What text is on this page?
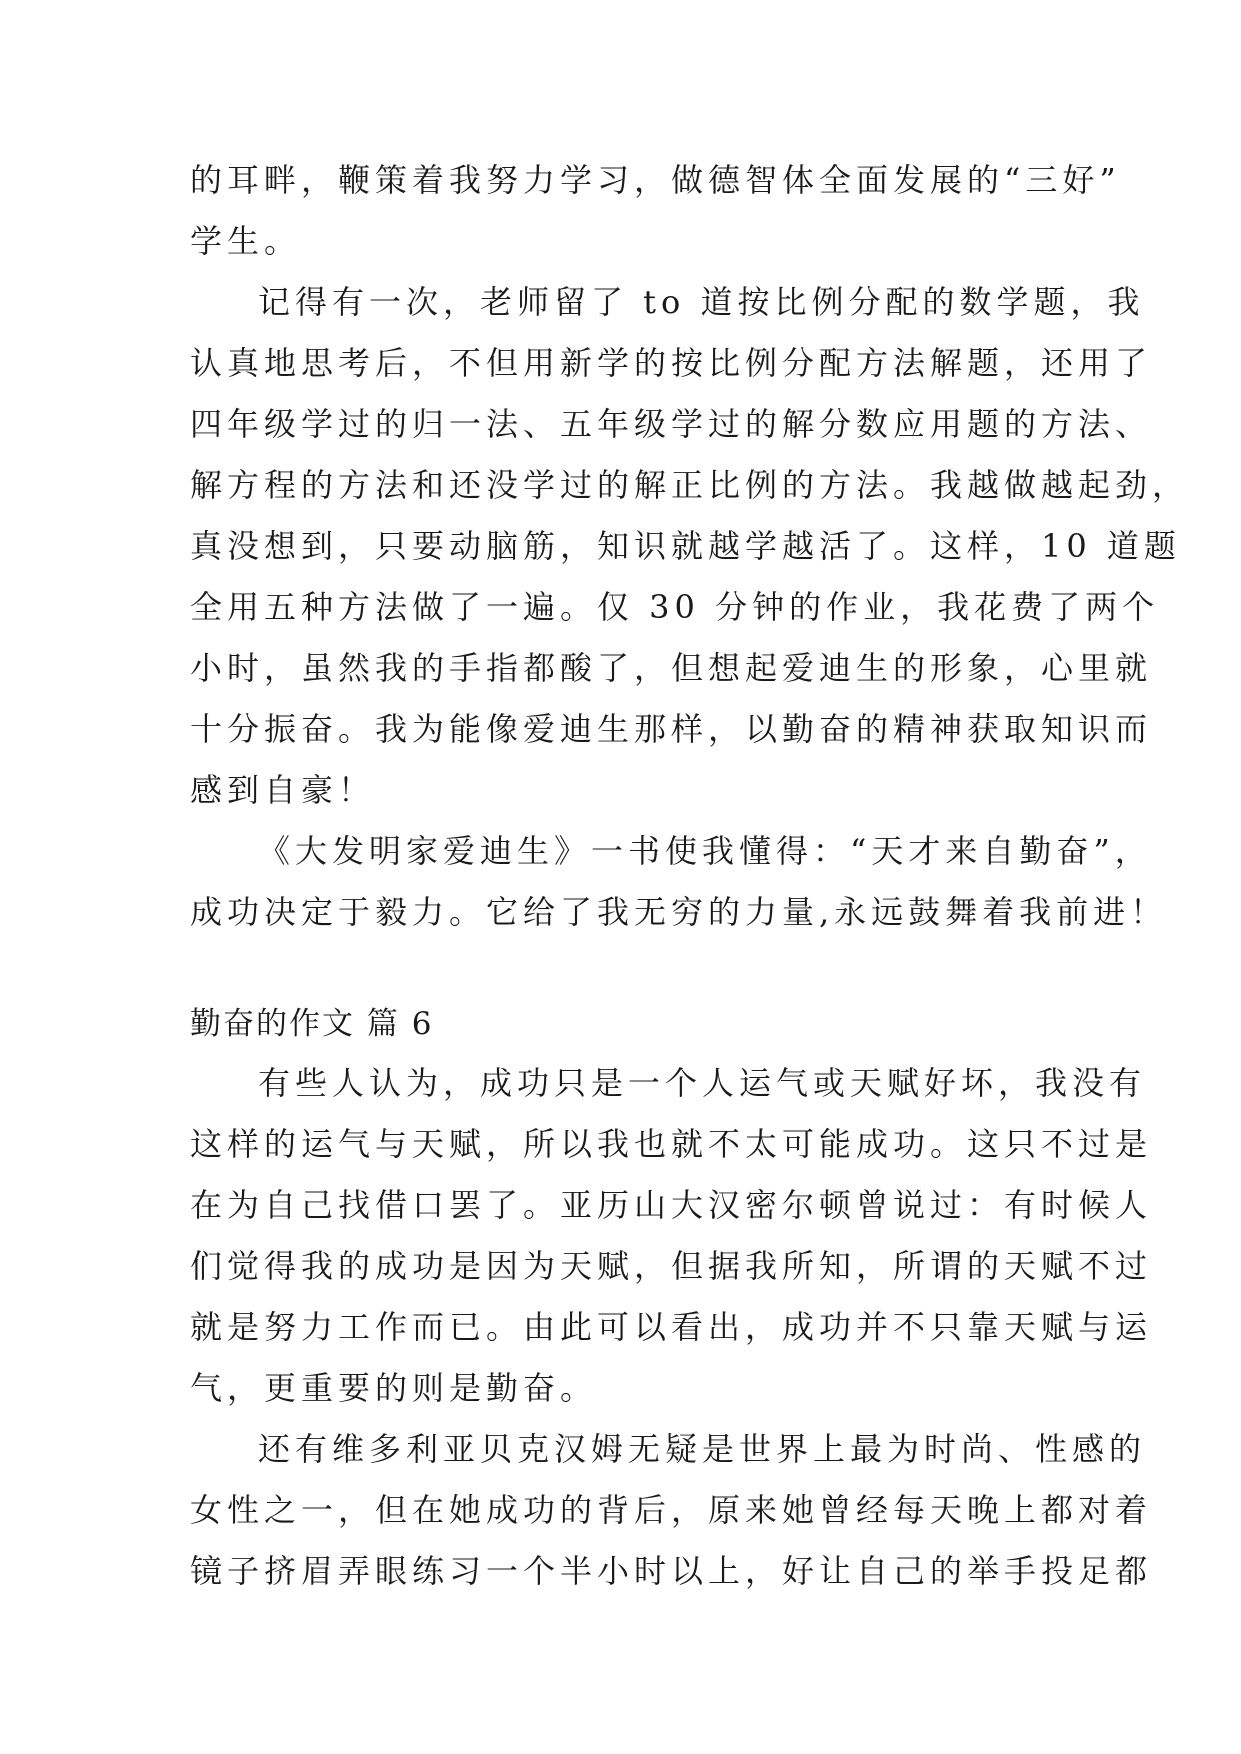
的耳畔，鞭策着我努力学习，做德智体全面发展的“三好”
学生。
记得有一次，老师留了 to 道按比例分配的数学题，我
认真地思考后，不但用新学的按比例分配方法解题，还用了
四年级学过的归一法、五年级学过的解分数应用题的方法、
解方程的方法和还没学过的解正比例的方法。我越做越起劲，
真没想到，只要动脑筋，知识就越学越活了。这样，10 道题
全用五种方法做了一遍。仅 30 分钟的作业，我花费了两个
小时，虽然我的手指都酸了，但想起爱迪生的形象，心里就
十分振奋。我为能像爱迪生那样，以勤奋的精神获取知识而
感到自豪！
《大发明家爱迪生》一书使我懂得：“天才来自勤奋”，
成功决定于毅力。它给了我无穷的力量,永远鼓舞着我前进！
勤奋的作文 篇 6
有些人认为，成功只是一个人运气或天赋好坏，我没有
这样的运气与天赋，所以我也就不太可能成功。这只不过是
在为自己找借口罢了。亚历山大汉密尔顿曾说过：有时候人
们觉得我的成功是因为天赋，但据我所知，所谓的天赋不过
就是努力工作而已。由此可以看出，成功并不只靠天赋与运
气，更重要的则是勤奋。
还有维多利亚贝克汉姆无疑是世界上最为时尚、性感的
女性之一，但在她成功的背后，原来她曾经每天晚上都对着
镜子挤眉弄眼练习一个半小时以上，好让自己的举手投足都
